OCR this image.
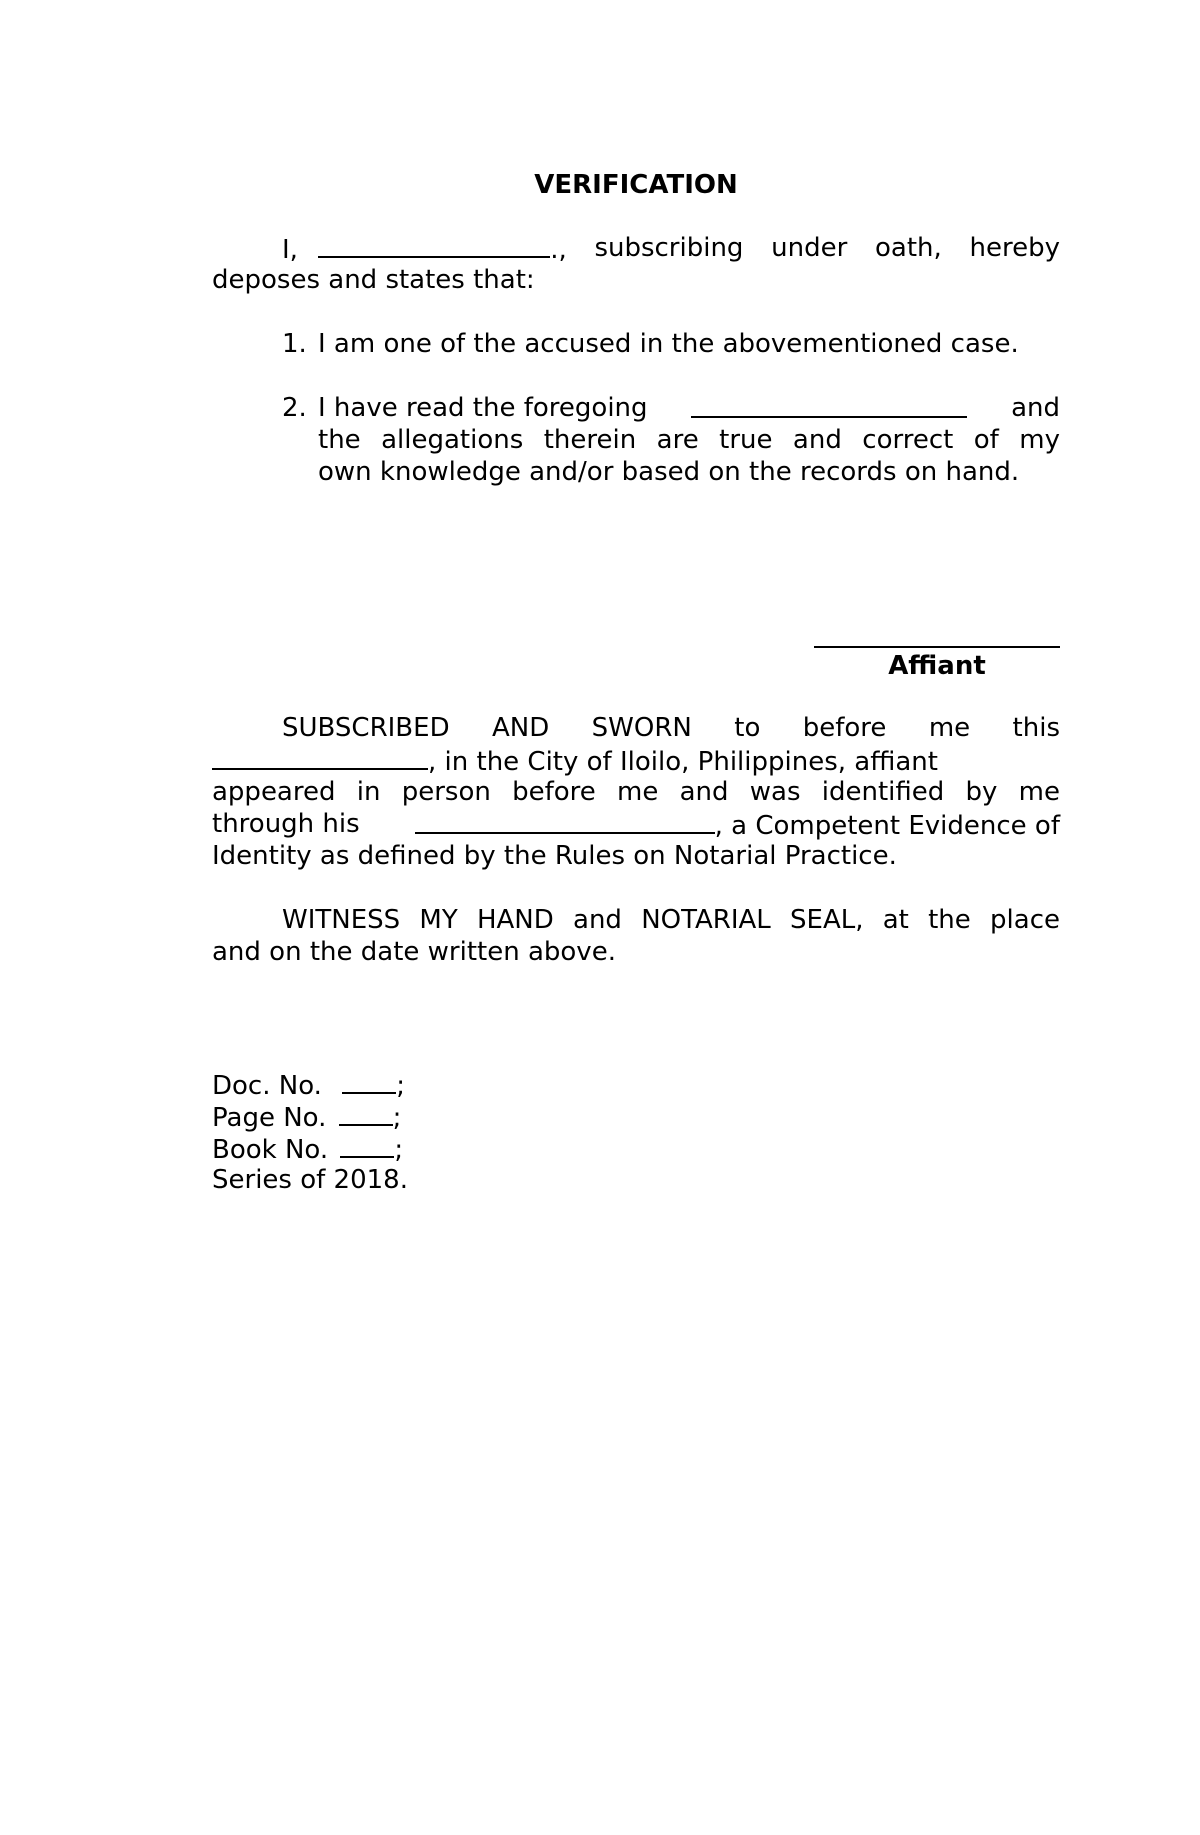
VERIFICATION
I,	., subscribing under oath, hereby
deposes and states that:
1. I am one of the accused in the abovementioned case.
2. I have read the foregoing	and
the allegations therein are true and correct of my
own knowledge and/or based on the records on hand.
Affiant
SUBSCRIBED AND SWORN to before me this
, in the City of Iloilo, Philippines, affiant
appeared in person before me and was identified by me
through his	, a Competent Evidence of
Identity as defined by the Rules on Notarial Practice.
WITNESS MY HAND and NOTARIAL SEAL, at the place
and on the date written above.
Doc. No.	;
Page No.	;
Book No.	;
Series of 2018.
